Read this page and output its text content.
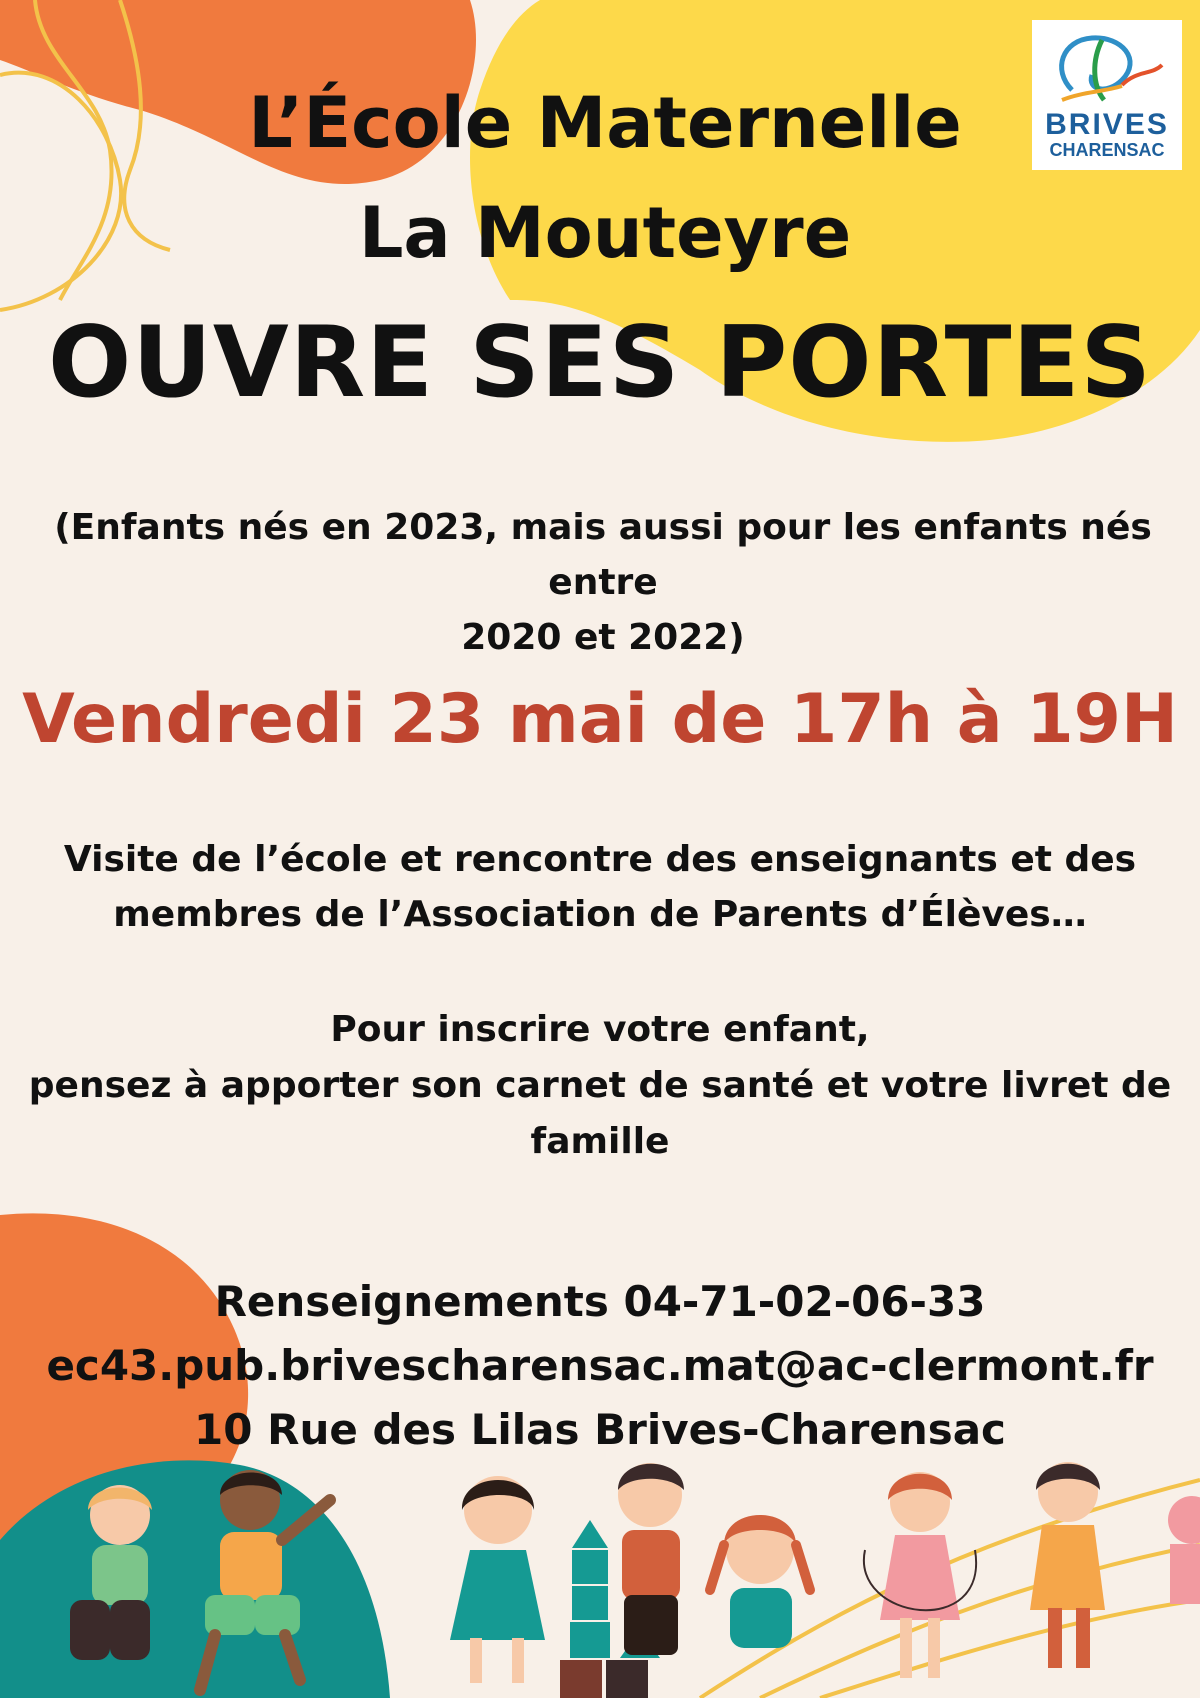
BRIVES
CHARENSAC
L’École Maternelle
La Mouteyre
OUVRE SES PORTES
(Enfants nés en 2023, mais aussi pour les enfants nés entre
2020 et 2022)
Vendredi 23 mai de 17h à 19H
Visite de l’école et rencontre des enseignants et des
membres de l’Association de Parents d’Élèves…
Pour inscrire votre enfant,
pensez à apporter son carnet de santé et votre livret de
famille
Renseignements 04-71-02-06-33
ec43.pub.brivescharensac.mat@ac-clermont.fr
10 Rue des Lilas Brives-Charensac
